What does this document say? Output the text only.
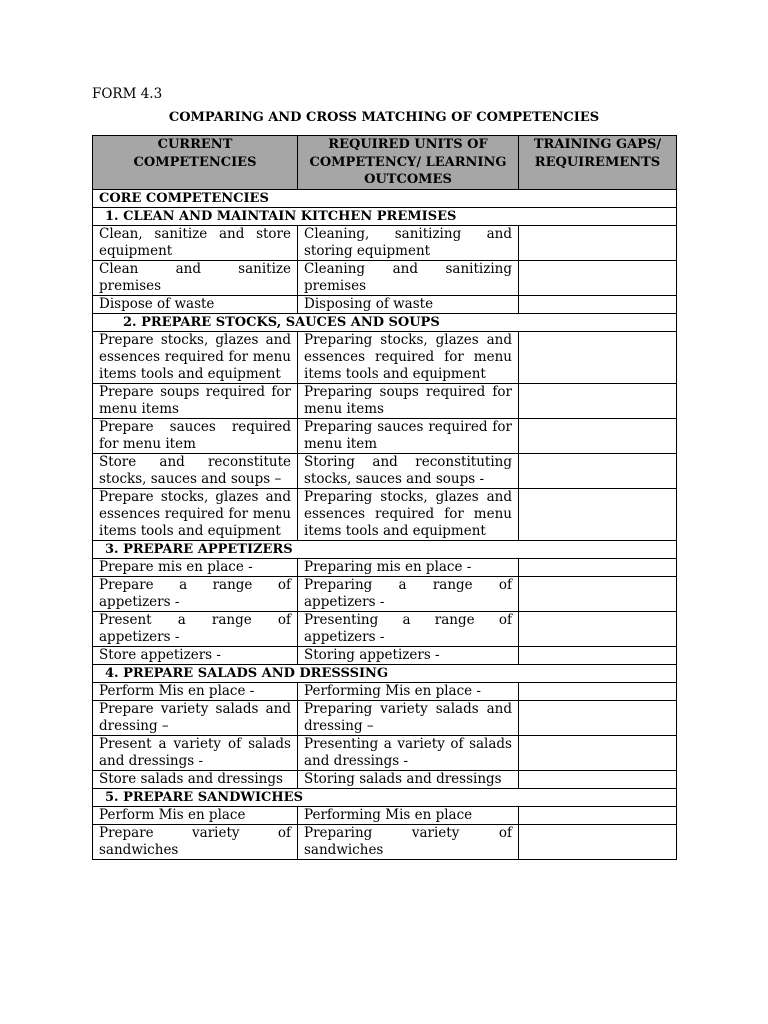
FORM 4.3
COMPARING AND CROSS MATCHING OF COMPETENCIES
CURRENT COMPETENCIES	REQUIRED UNITS OF COMPETENCY/ LEARNING OUTCOMES	TRAINING GAPS/ REQUIREMENTS
CORE COMPETENCIES		
1. CLEAN AND MAINTAIN KITCHEN PREMISES		
Clean, sanitize and store equipment	Cleaning, sanitizing and storing equipment	
Clean and sanitize premises	Cleaning and sanitizing premises	
Dispose of waste	Disposing of waste	
2. PREPARE STOCKS, SAUCES AND SOUPS		
Prepare stocks, glazes and essences required for menu items tools and equipment	Preparing stocks, glazes and essences required for menu items tools and equipment	
Prepare soups required for menu items	Preparing soups required for menu items	
Prepare sauces required for menu item	Preparing sauces required for menu item	
Store and reconstitute stocks, sauces and soups –	Storing and reconstituting stocks, sauces and soups -	
Prepare stocks, glazes and essences required for menu items tools and equipment	Preparing stocks, glazes and essences required for menu items tools and equipment	
3. PREPARE APPETIZERS		
Prepare mis en place -	Preparing mis en place -	
Prepare a range of appetizers -	Preparing a range of appetizers -	
Present a range of appetizers -	Presenting a range of appetizers -	
Store appetizers -	Storing appetizers -	
4. PREPARE SALADS AND DRESSSING		
Perform Mis en place -	Performing Mis en place -	
Prepare variety salads and dressing –	Preparing variety salads and dressing –	
Present a variety of salads and dressings -	Presenting a variety of salads and dressings -	
Store salads and dressings	Storing salads and dressings	
5. PREPARE SANDWICHES		
Perform Mis en place	Performing Mis en place	
Prepare variety of sandwiches	Preparing variety of sandwiches	
